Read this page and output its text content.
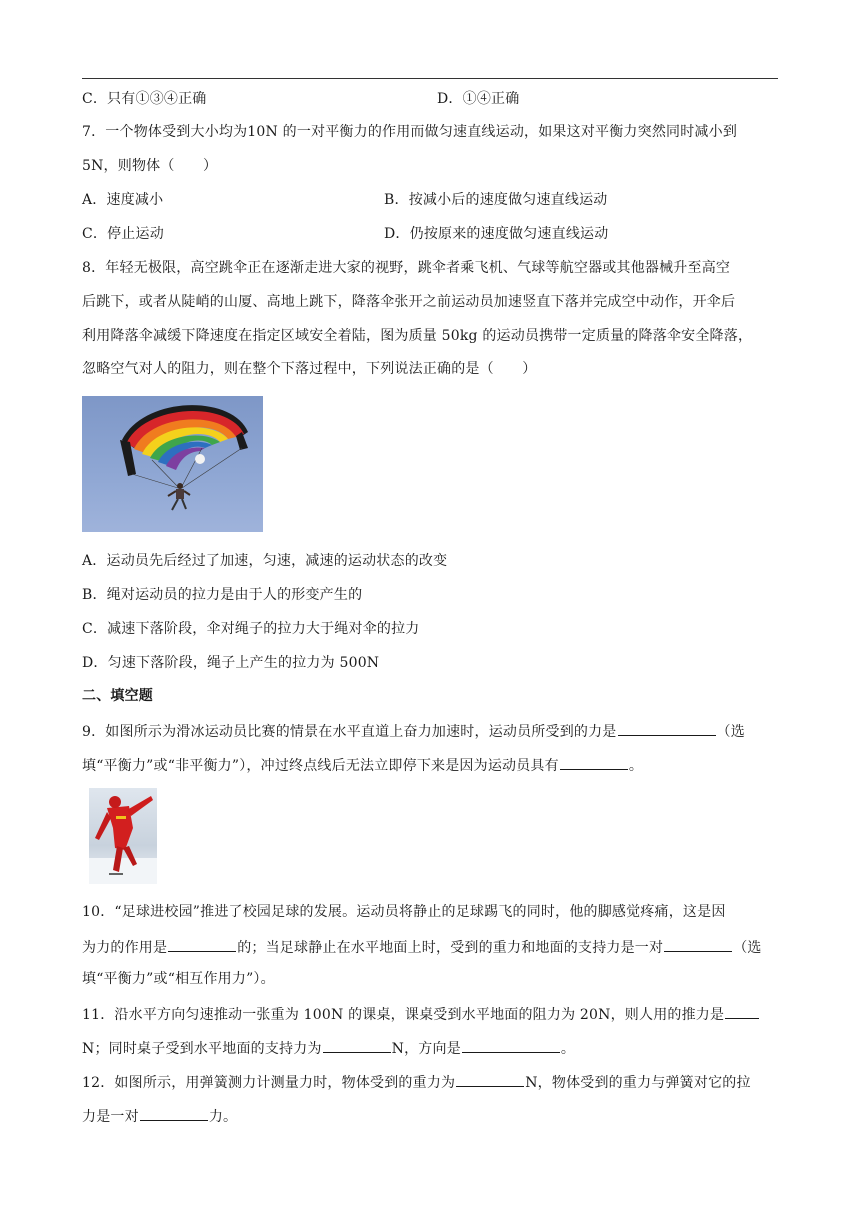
C．只有①③④正确	D．①④正确
7．一个物体受到大小均为10N 的一对平衡力的作用而做匀速直线运动，如果这对平衡力突然同时减小到
5N，则物体（　　）
A．速度减小	B．按减小后的速度做匀速直线运动
C．停止运动	D．仍按原来的速度做匀速直线运动
8．年轻无极限，高空跳伞正在逐渐走进大家的视野，跳伞者乘飞机、气球等航空器或其他器械升至高空
后跳下，或者从陡峭的山厦、高地上跳下，降落伞张开之前运动员加速竖直下落并完成空中动作，开伞后
利用降落伞减缓下降速度在指定区域安全着陆，图为质量 50kg 的运动员携带一定质量的降落伞安全降落，
忽略空气对人的阻力，则在整个下落过程中，下列说法正确的是（　　）
A．运动员先后经过了加速，匀速，减速的运动状态的改变
B．绳对运动员的拉力是由于人的形变产生的
C．减速下落阶段，伞对绳子的拉力大于绳对伞的拉力
D．匀速下落阶段，绳子上产生的拉力为 500N
二、填空题
9．如图所示为滑冰运动员比赛的情景在水平直道上奋力加速时，运动员所受到的力是	（选
填“平衡力”或“非平衡力”），冲过终点线后无法立即停下来是因为运动员具有	。
10．“足球进校园”推进了校园足球的发展。运动员将静止的足球踢飞的同时，他的脚感觉疼痛，这是因
为力的作用是	的；当足球静止在水平地面上时，受到的重力和地面的支持力是一对	（选
填“平衡力”或“相互作用力”）。
11．沿水平方向匀速推动一张重为 100N 的课桌，课桌受到水平地面的阻力为 20N，则人用的推力是
N；同时桌子受到水平地面的支持力为	N，方向是	。
12．如图所示，用弹簧测力计测量力时，物体受到的重力为	N，物体受到的重力与弹簧对它的拉
力是一对	力。
